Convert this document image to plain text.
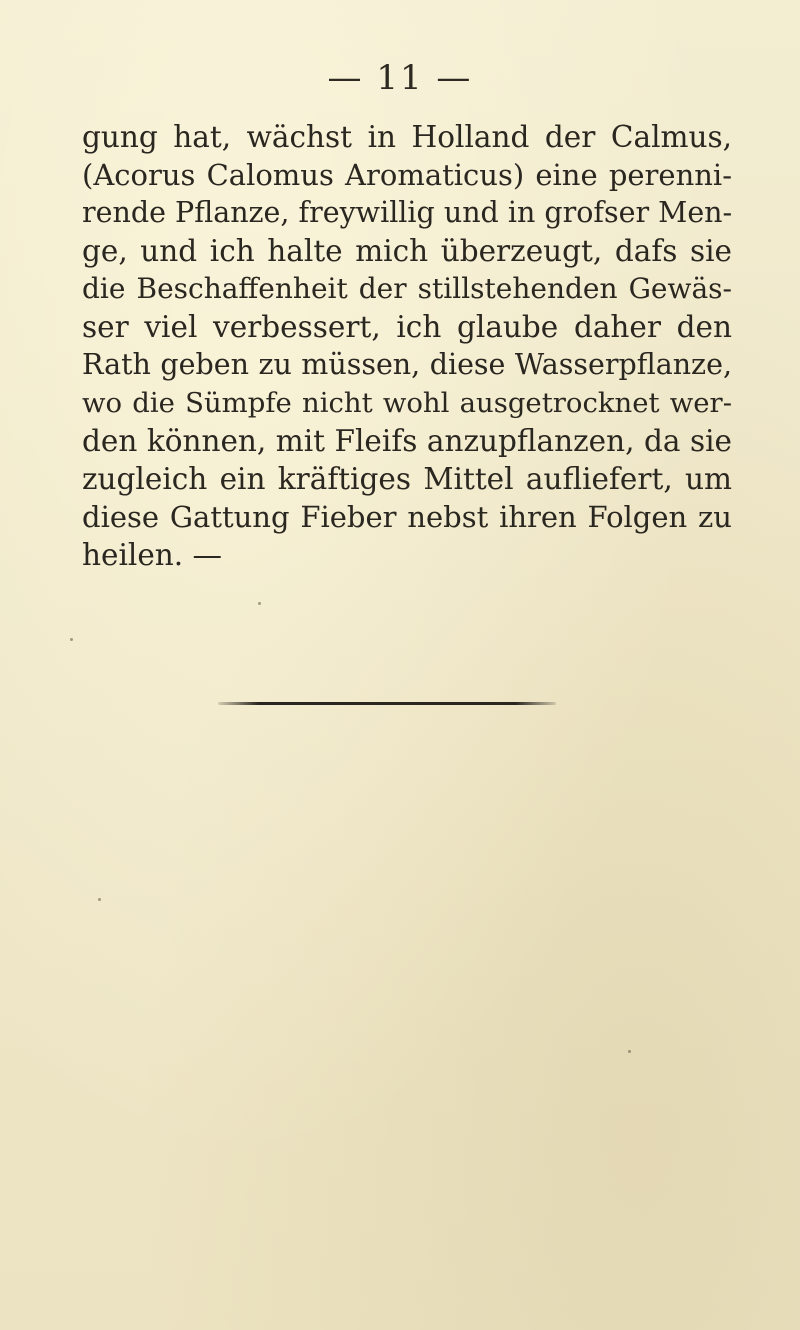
— 11 —
gung hat, wächst in Holland der Calmus,
(Acorus Calomus Aromaticus) eine perenni-
rende Pflanze, freywillig und in grofser Men-
ge, und ich halte mich überzeugt, dafs sie
die Beschaffenheit der stillstehenden Gewäs-
ser viel verbessert, ich glaube daher den
Rath geben zu müssen, diese Wasserpflanze,
wo die Sümpfe nicht wohl ausgetrocknet wer-
den können, mit Fleifs anzupflanzen, da sie
zugleich ein kräftiges Mittel aufliefert, um
diese Gattung Fieber nebst ihren Folgen zu
heilen. —
